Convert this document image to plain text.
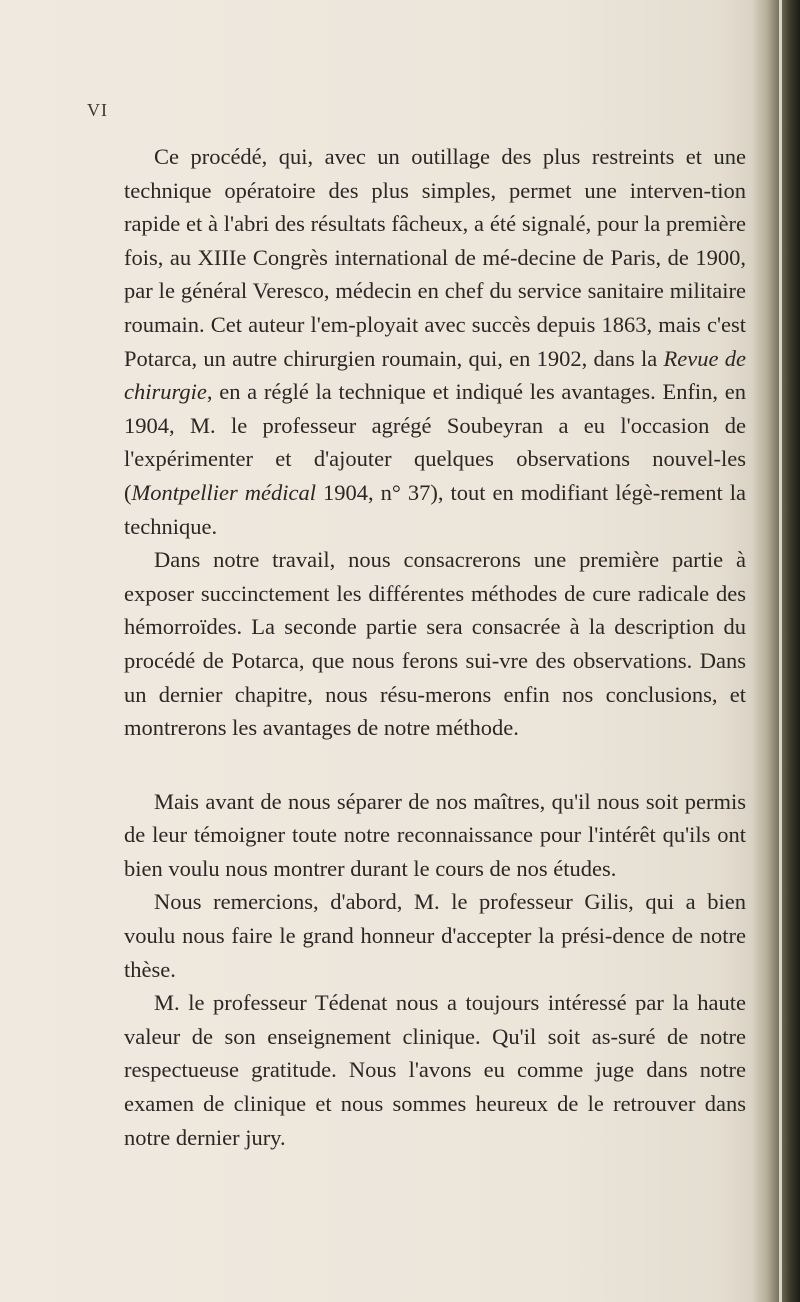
VI

Ce procédé, qui, avec un outillage des plus restreints et une technique opératoire des plus simples, permet une interven-tion rapide et à l'abri des résultats fâcheux, a été signalé, pour la première fois, au XIIIe Congrès international de mé-decine de Paris, de 1900, par le général Veresco, médecin en chef du service sanitaire militaire roumain. Cet auteur l'em-ployait avec succès depuis 1863, mais c'est Potarca, un autre chirurgien roumain, qui, en 1902, dans la Revue de chirurgie, en a réglé la technique et indiqué les avantages. Enfin, en 1904, M. le professeur agrégé Soubeyran a eu l'occasion de l'expérimenter et d'ajouter quelques observations nouvel-les (Montpellier médical 1904, n° 37), tout en modifiant légè-rement la technique.

Dans notre travail, nous consacrerons une première partie à exposer succinctement les différentes méthodes de cure radicale des hémorroïdes. La seconde partie sera consacrée à la description du procédé de Potarca, que nous ferons sui-vre des observations. Dans un dernier chapitre, nous résu-merons enfin nos conclusions, et montrerons les avantages de notre méthode.

Mais avant de nous séparer de nos maîtres, qu'il nous soit permis de leur témoigner toute notre reconnaissance pour l'intérêt qu'ils ont bien voulu nous montrer durant le cours de nos études.

Nous remercions, d'abord, M. le professeur Gilis, qui a bien voulu nous faire le grand honneur d'accepter la prési-dence de notre thèse.

M. le professeur Tédenat nous a toujours intéressé par la haute valeur de son enseignement clinique. Qu'il soit as-suré de notre respectueuse gratitude. Nous l'avons eu comme juge dans notre examen de clinique et nous sommes heureux de le retrouver dans notre dernier jury.
